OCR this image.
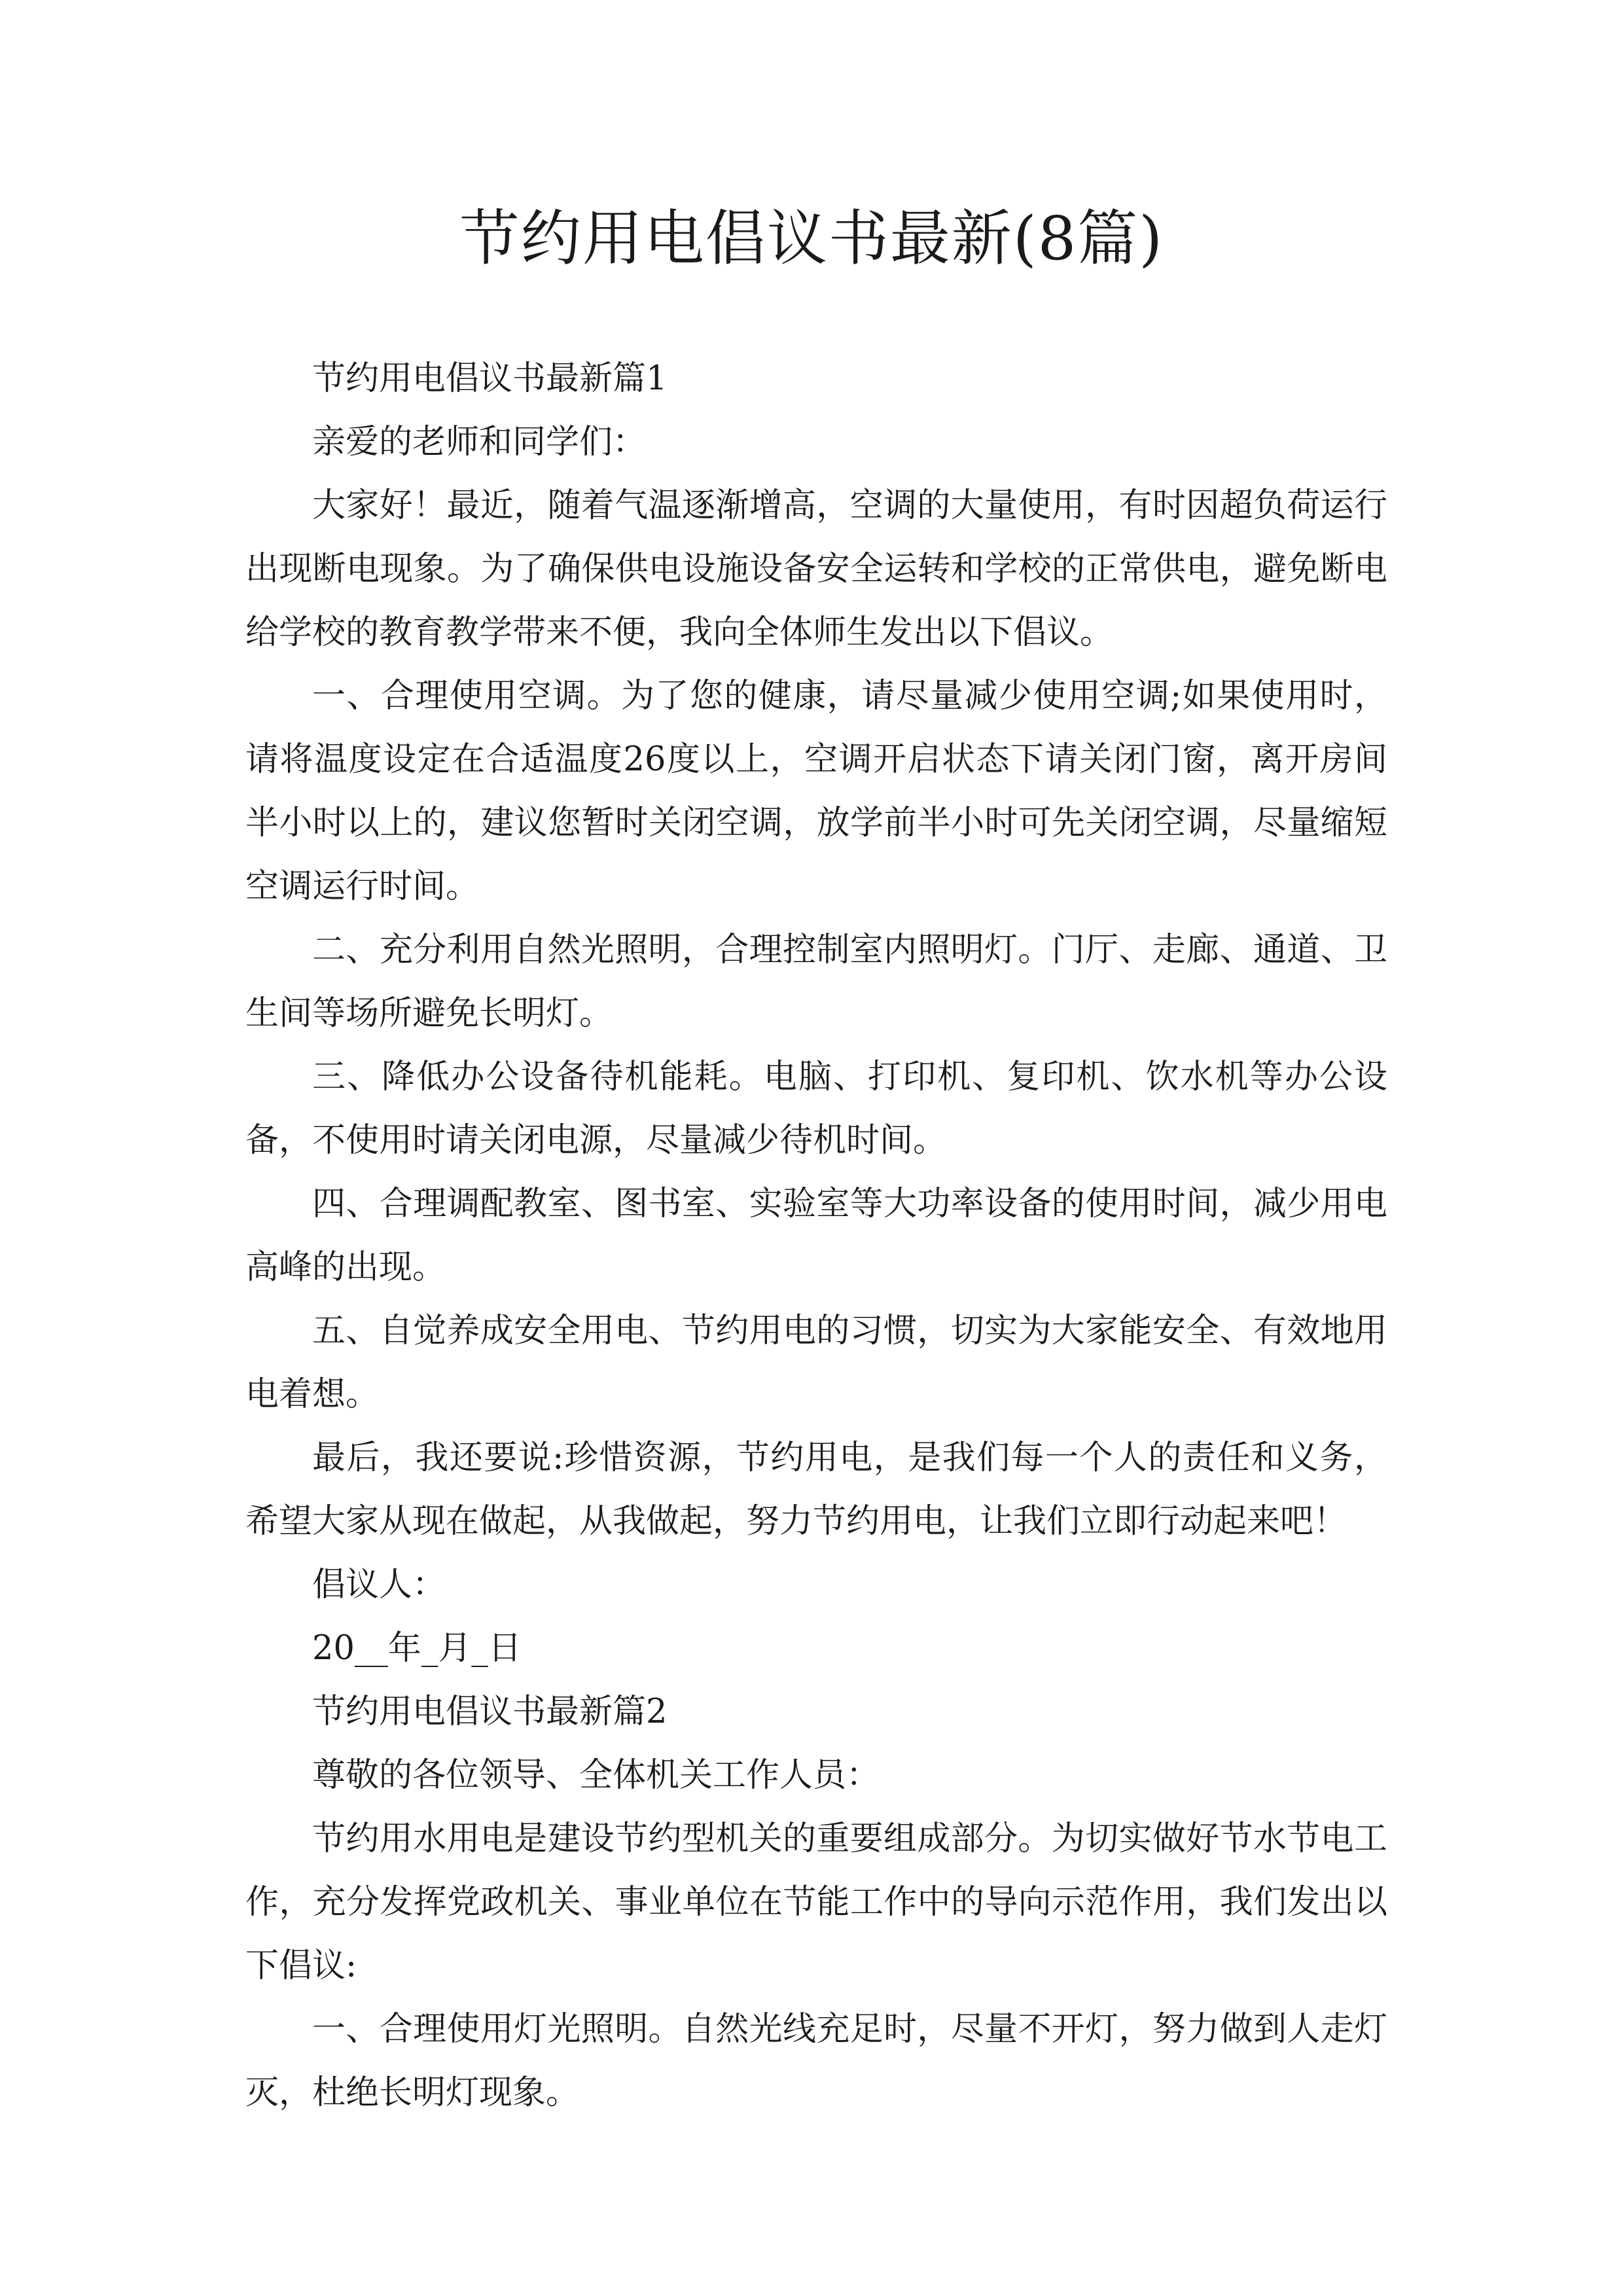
节约用电倡议书最新(8篇)

节约用电倡议书最新篇1

亲爱的老师和同学们：

大家好！最近，随着气温逐渐增高，空调的大量使用，有时因超负荷运行出现断电现象。为了确保供电设施设备安全运转和学校的正常供电，避免断电给学校的教育教学带来不便，我向全体师生发出以下倡议。

一、合理使用空调。为了您的健康，请尽量减少使用空调;如果使用时，请将温度设定在合适温度26度以上，空调开启状态下请关闭门窗，离开房间半小时以上的，建议您暂时关闭空调，放学前半小时可先关闭空调，尽量缩短空调运行时间。

二、充分利用自然光照明，合理控制室内照明灯。门厅、走廊、通道、卫生间等场所避免长明灯。

三、降低办公设备待机能耗。电脑、打印机、复印机、饮水机等办公设备，不使用时请关闭电源，尽量减少待机时间。

四、合理调配教室、图书室、实验室等大功率设备的使用时间，减少用电高峰的出现。

五、自觉养成安全用电、节约用电的习惯，切实为大家能安全、有效地用电着想。

最后，我还要说:珍惜资源，节约用电，是我们每一个人的责任和义务，希望大家从现在做起，从我做起，努力节约用电，让我们立即行动起来吧！

倡议人：

20__年_月_日

节约用电倡议书最新篇2

尊敬的各位领导、全体机关工作人员：

节约用水用电是建设节约型机关的重要组成部分。为切实做好节水节电工作，充分发挥党政机关、事业单位在节能工作中的导向示范作用，我们发出以下倡议:

一、合理使用灯光照明。自然光线充足时，尽量不开灯，努力做到人走灯灭，杜绝长明灯现象。
